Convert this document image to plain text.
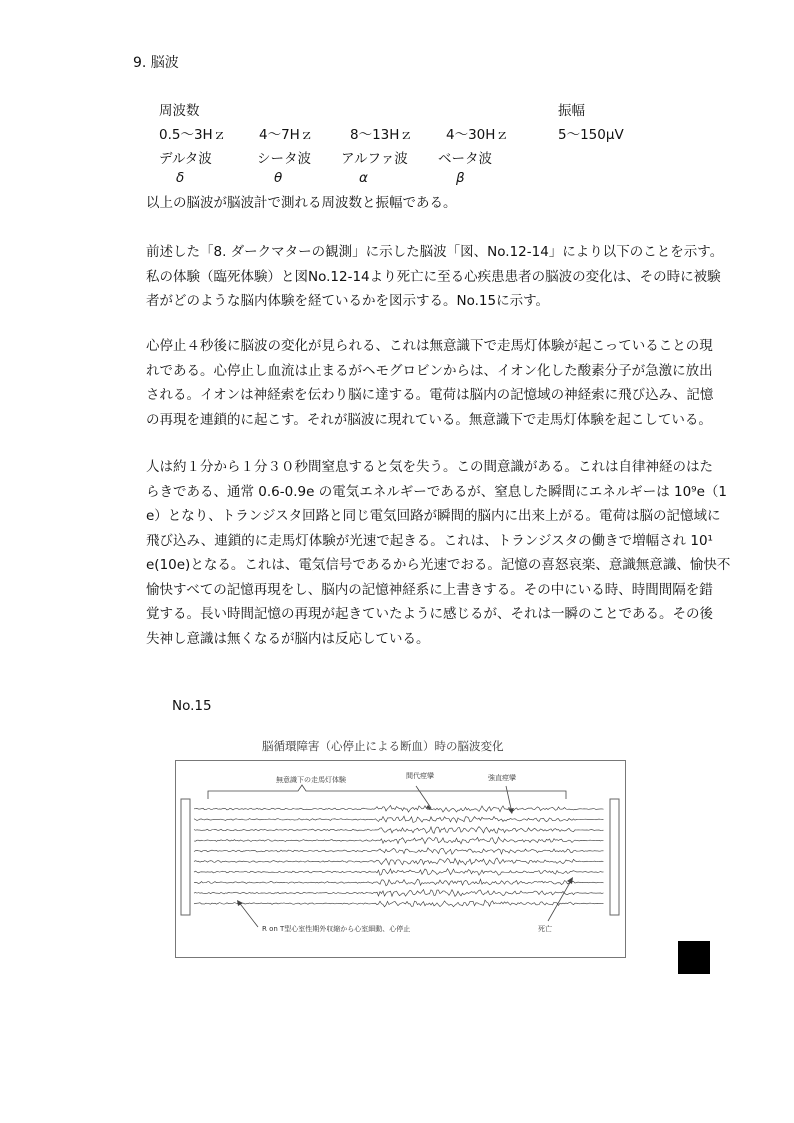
9. 脳波
周波数	振幅
0.5～3Hｚ 4～7Hｚ	8～13Hｚ 4～30Hｚ	5～150μV
デルタ波	シータ波 アルファ波 ベータ波
δ	θ	α	β
以上の脳波が脳波計で測れる周波数と振幅である。
前述した「8. ダークマターの観測」に示した脳波「図、No.12-14」により以下のことを示す。
私の体験（臨死体験）と図No.12-14より死亡に至る心疾患患者の脳波の変化は、その時に被験
者がどのような脳内体験を経ているかを図示する。No.15に示す。
心停止４秒後に脳波の変化が見られる、これは無意識下で走馬灯体験が起こっていることの現
れである。心停止し血流は止まるがヘモグロビンからは、イオン化した酸素分子が急激に放出
される。イオンは神経索を伝わり脳に達する。電荷は脳内の記憶域の神経索に飛び込み、記憶
の再現を連鎖的に起こす。それが脳波に現れている。無意識下で走馬灯体験を起こしている。
人は約１分から１分３０秒間窒息すると気を失う。この間意識がある。これは自律神経のはた
らきである、通常 0.6-0.9e の電気エネルギーであるが、窒息した瞬間にエネルギーは 10⁹e（1
e）となり、トランジスタ回路と同じ電気回路が瞬間的脳内に出来上がる。電荷は脳の記憶域に
飛び込み、連鎖的に走馬灯体験が光速で起きる。これは、トランジスタの働きで増幅され 10¹
e(10e)となる。これは、電気信号であるから光速でおる。記憶の喜怒哀楽、意識無意識、愉快不
愉快すべての記憶再現をし、脳内の記憶神経系に上書きする。その中にいる時、時間間隔を錯
覚する。長い時間記憶の再現が起きていたように感じるが、それは一瞬のことである。その後
失神し意識は無くなるが脳内は反応している。
No.15
脳循環障害（心停止による断血）時の脳波変化
無意識下の走馬灯体験	間代痙攣	強直痙攣
R on T型心室性期外収縮から心室細動、心停止	死亡
